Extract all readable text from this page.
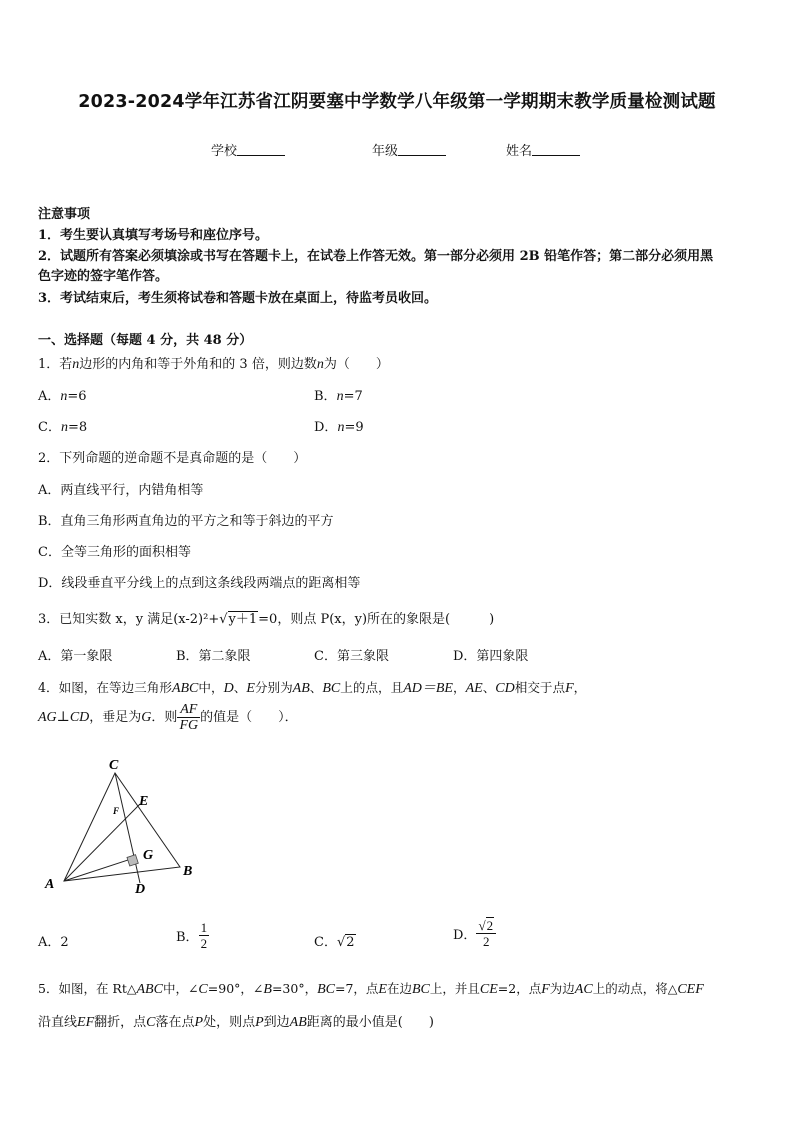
2023-2024学年江苏省江阴要塞中学数学八年级第一学期期末教学质量检测试题
学校	年级	姓名
注意事项
1．考生要认真填写考场号和座位序号。
2．试题所有答案必须填涂或书写在答题卡上，在试卷上作答无效。第一部分必须用 2B 铅笔作答；第二部分必须用黑
色字迹的签字笔作答。
3．考试结束后，考生须将试卷和答题卡放在桌面上，待监考员收回。
一、选择题（每题 4 分，共 48 分）
1．若n边形的内角和等于外角和的 3 倍，则边数n为（　　）
A．n=6	B．n=7
C．n=8	D．n=9
2．下列命题的逆命题不是真命题的是（　　）
A．两直线平行，内错角相等
B．直角三角形两直角边的平方之和等于斜边的平方
C．全等三角形的面积相等
D．线段垂直平分线上的点到这条线段两端点的距离相等
3．已知实数 x，y 满足(x-2)²+√y＋1=0，则点 P(x，y)所在的象限是(　　　)
A．第一象限	B．第二象限	C．第三象限	D．第四象限
4．如图，在等边三角形ABC中，D、E分别为AB、BC上的点，且AD＝BE，AE、CD相交于点F，
AG⊥CD，垂足为G．则 $\frac{AF}{FG}$ 的值是（　　）．
C
E
F
G
A	D
B
A．2	B． $\frac{1}{2}$	C．√2	D． $\frac{√2}{2}$
5．如图，在 Rt△ABC中，∠C=90°，∠B=30°，BC=7，点E在边BC上，并且CE=2，点F为边AC上的动点，将△CEF
沿直线EF翻折，点C落在点P处，则点P到边AB距离的最小值是(　　)
